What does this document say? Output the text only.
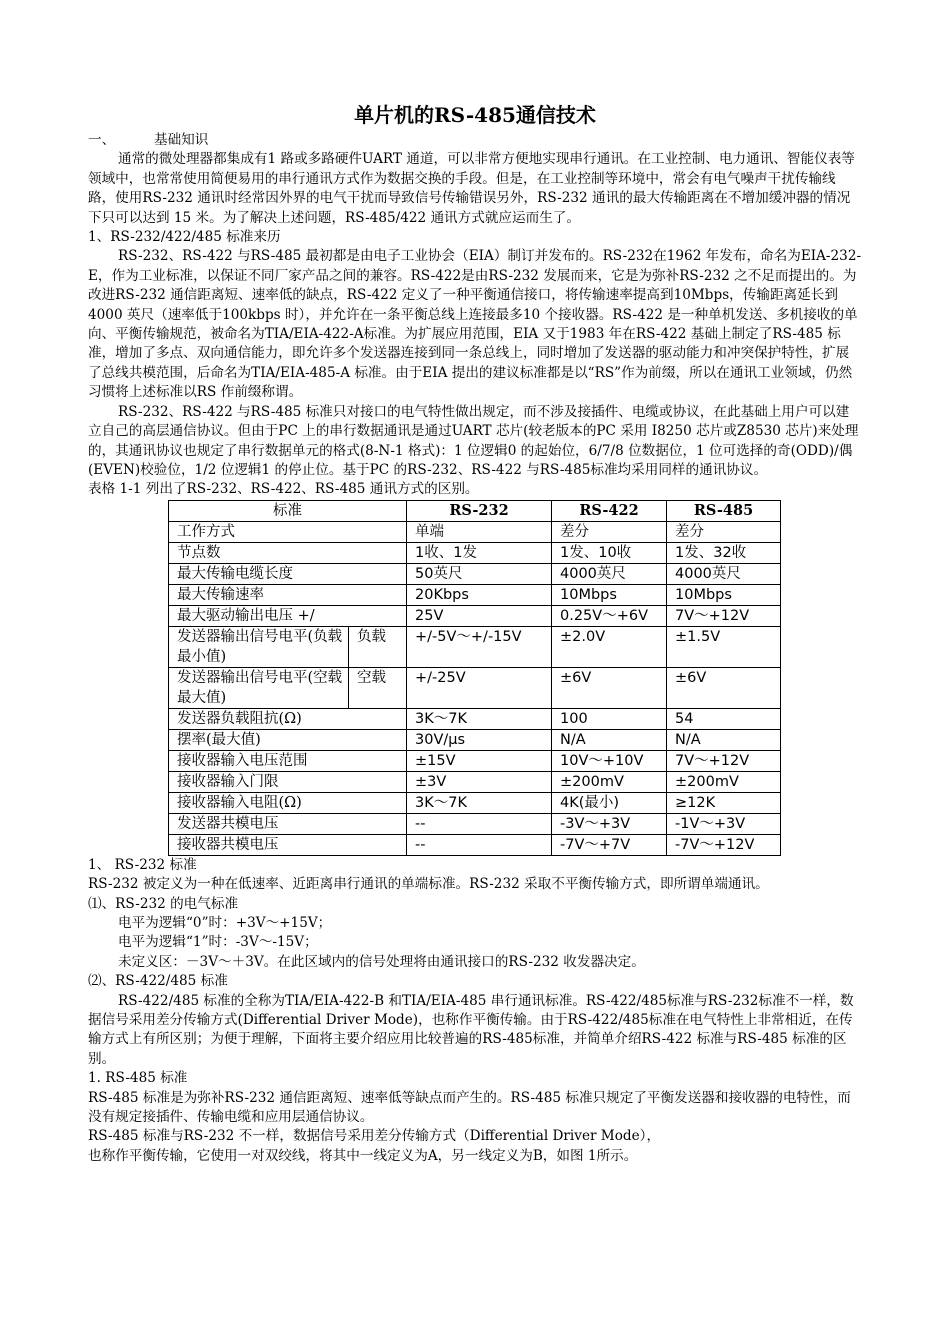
单片机的RS-485通信技术

一、	基础知识

通常的微处理器都集成有1 路或多路硬件UART 通道，可以非常方便地实现串行通讯。在工业控制、电力通讯、智能仪表等领域中，也常常使用简便易用的串行通讯方式作为数据交换的手段。但是，在工业控制等环境中，常会有电气噪声干扰传输线路，使用RS-232 通讯时经常因外界的电气干扰而导致信号传输错误另外，RS-232 通讯的最大传输距离在不增加缓冲器的情况下只可以达到 15 米。为了解决上述问题，RS-485/422 通讯方式就应运而生了。

1、RS-232/422/485 标准来历

RS-232、RS-422 与RS-485 最初都是由电子工业协会（EIA）制订并发布的。RS-232在1962 年发布，命名为EIA-232-E，作为工业标准，以保证不同厂家产品之间的兼容。RS-422是由RS-232 发展而来，它是为弥补RS-232 之不足而提出的。为改进RS-232 通信距离短、速率低的缺点，RS-422 定义了一种平衡通信接口，将传输速率提高到10Mbps，传输距离延长到4000 英尺（速率低于100kbps 时），并允许在一条平衡总线上连接最多10 个接收器。RS-422 是一种单机发送、多机接收的单向、平衡传输规范，被命名为TIA/EIA-422-A标准。为扩展应用范围，EIA 又于1983 年在RS-422 基础上制定了RS-485 标准，增加了多点、双向通信能力，即允许多个发送器连接到同一条总线上，同时增加了发送器的驱动能力和冲突保护特性，扩展了总线共模范围，后命名为TIA/EIA-485-A 标准。由于EIA 提出的建议标准都是以“RS”作为前缀，所以在通讯工业领域，仍然习惯将上述标准以RS 作前缀称谓。

RS-232、RS-422 与RS-485 标准只对接口的电气特性做出规定，而不涉及接插件、电缆或协议，在此基础上用户可以建立自己的高层通信协议。但由于PC 上的串行数据通讯是通过UART 芯片(较老版本的PC 采用 I8250 芯片或Z8530 芯片)来处理的，其通讯协议也规定了串行数据单元的格式(8-N-1 格式)：1 位逻辑0 的起始位，6/7/8 位数据位，1 位可选择的奇(ODD)/偶(EVEN)校验位，1/2 位逻辑1 的停止位。基于PC 的RS-232、RS-422 与RS-485标准均采用同样的通讯协议。

表格 1-1 列出了RS-232、RS-422、RS-485 通讯方式的区别。

标准		RS-232	RS-422	RS-485
工作方式		单端	差分	差分
节点数		1收、1发	1发、10收	1发、32收
最大传输电缆长度		50英尺	4000英尺	4000英尺
最大传输速率		20Kbps	10Mbps	10Mbps
最大驱动输出电压 +/		25V	0.25V～+6V	7V～+12V
发送器输出信号电平(负载最小值)	负载	+/-5V～+/-15V	±2.0V	±1.5V
发送器输出信号电平(空载最大值)	空载	+/-25V	±6V	±6V
发送器负载阻抗(Ω)		3K～7K	100	54
摆率(最大值)		30V/μs	N/A	N/A
接收器输入电压范围		±15V	10V～+10V	7V～+12V
接收器输入门限		±3V	±200mV	±200mV
接收器输入电阻(Ω)		3K～7K	4K(最小)	≥12K
发送器共模电压		--	-3V～+3V	-1V～+3V
接收器共模电压		--	-7V～+7V	-7V～+12V

1、 RS-232 标准

RS-232 被定义为一种在低速率、近距离串行通讯的单端标准。RS-232 采取不平衡传输方式，即所谓单端通讯。

⑴、RS-232 的电气标准

电平为逻辑“0”时：+3V～+15V；

电平为逻辑“1”时：-3V～-15V；

未定义区：－3V～＋3V。在此区域内的信号处理将由通讯接口的RS-232 收发器决定。

⑵、RS-422/485 标准

RS-422/485 标准的全称为TIA/EIA-422-B 和TIA/EIA-485 串行通讯标准。RS-422/485标准与RS-232标准不一样，数据信号采用差分传输方式(Differential Driver Mode)，也称作平衡传输。由于RS-422/485标准在电气特性上非常相近，在传输方式上有所区别；为便于理解，下面将主要介绍应用比较普遍的RS-485标准，并简单介绍RS-422 标准与RS-485 标准的区别。

1. RS-485 标准

RS-485 标准是为弥补RS-232 通信距离短、速率低等缺点而产生的。RS-485 标准只规定了平衡发送器和接收器的电特性，而没有规定接插件、传输电缆和应用层通信协议。

RS-485 标准与RS-232 不一样，数据信号采用差分传输方式（Differential Driver Mode），

也称作平衡传输，它使用一对双绞线，将其中一线定义为A，另一线定义为B，如图 1所示。
